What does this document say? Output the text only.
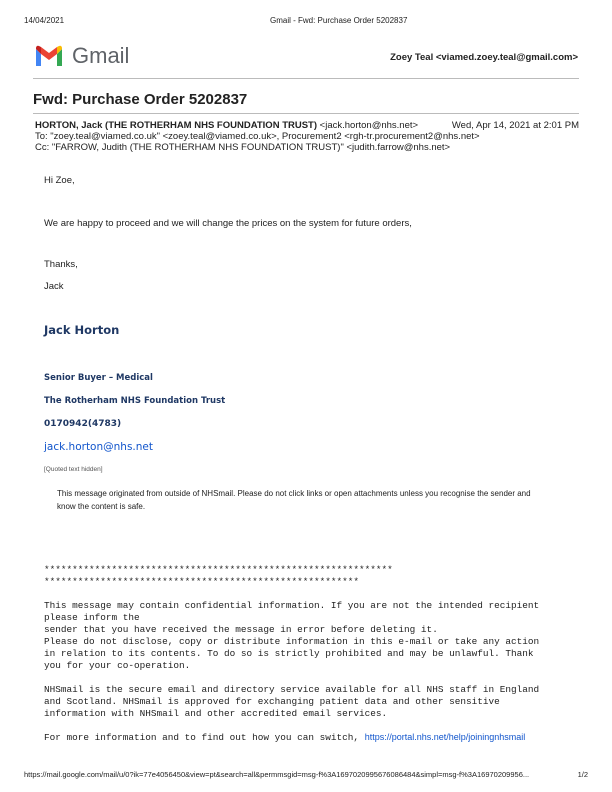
14/04/2021	Gmail - Fwd: Purchase Order 5202837
Gmail	Zoey Teal <viamed.zoey.teal@gmail.com>
Fwd: Purchase Order 5202837
HORTON, Jack (THE ROTHERHAM NHS FOUNDATION TRUST) <jack.horton@nhs.net>	Wed, Apr 14, 2021 at 2:01 PM
To: "zoey.teal@viamed.co.uk" <zoey.teal@viamed.co.uk>, Procurement2 <rgh-tr.procurement2@nhs.net>
Cc: "FARROW, Judith (THE ROTHERHAM NHS FOUNDATION TRUST)" <judith.farrow@nhs.net>
Hi Zoe,
We are happy to proceed and we will change the prices on the system for future orders,
Thanks,
Jack
Jack Horton
Senior Buyer – Medical
The Rotherham NHS Foundation Trust
0170942(4783)
jack.horton@nhs.net
[Quoted text hidden]
This message originated from outside of NHSmail. Please do not click links or open attachments unless you recognise the sender and know the content is safe.
**************************************************************
********************************************************
This message may contain confidential information. If you are not the intended recipient
please inform the
sender that you have received the message in error before deleting it.
Please do not disclose, copy or distribute information in this e-mail or take any action
in relation to its contents. To do so is strictly prohibited and may be unlawful. Thank
you for your co-operation.
NHSmail is the secure email and directory service available for all NHS staff in England
and Scotland. NHSmail is approved for exchanging patient data and other sensitive
information with NHSmail and other accredited email services.
For more information and to find out how you can switch, https://portal.nhs.net/help/joiningnhsmail
https://mail.google.com/mail/u/0?ik=77e4056450&view=pt&search=all&permmsgid=msg-f%3A1697020995676086484&simpl=msg-f%3A16970209956...	1/2
